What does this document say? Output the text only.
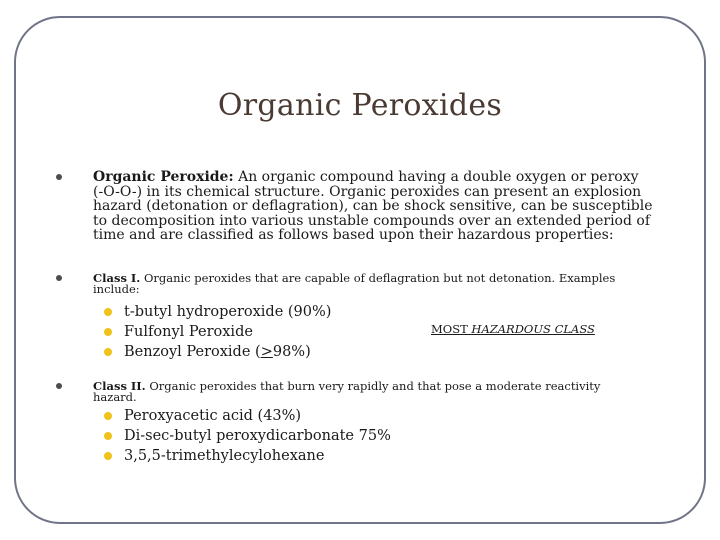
Organic Peroxides
Organic Peroxide: An organic compound having a double oxygen or peroxy
(-O-O-) in its chemical structure. Organic peroxides can present an explosion
hazard (detonation or deflagration), can be shock sensitive, can be susceptible
to decomposition into various unstable compounds over an extended period of
time and are classified as follows based upon their hazardous properties:
Class I. Organic peroxides that are capable of deflagration but not detonation. Examples
include:
t-butyl hydroperoxide (90%)
Fulfonyl Peroxide
Benzoyl Peroxide (≥98%)
MOST HAZARDOUS CLASS
Class II. Organic peroxides that burn very rapidly and that pose a moderate reactivity
hazard.
Peroxyacetic acid (43%)
Di-sec-butyl peroxydicarbonate 75%
3,5,5-trimethylecylohexane
